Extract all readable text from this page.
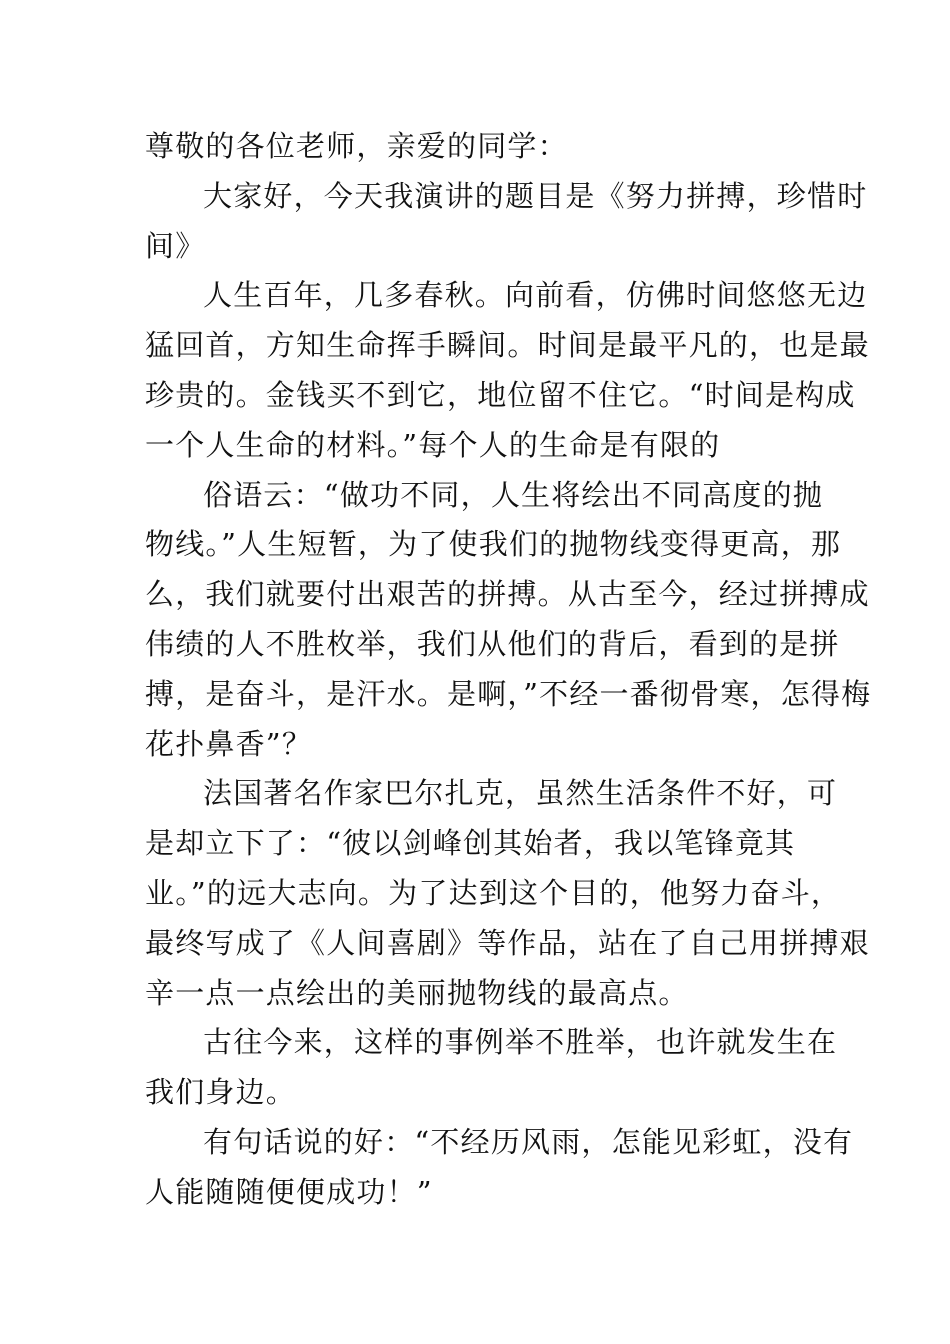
尊敬的各位老师，亲爱的同学：
大家好，今天我演讲的题目是《努力拼搏，珍惜时
间》
人生百年，几多春秋。向前看，仿佛时间悠悠无边
猛回首，方知生命挥手瞬间。时间是最平凡的，也是最
珍贵的。金钱买不到它，地位留不住它。“时间是构成
一个人生命的材料。”每个人的生命是有限的
俗语云：“做功不同，人生将绘出不同高度的抛
物线。”人生短暂，为了使我们的抛物线变得更高，那
么，我们就要付出艰苦的拼搏。从古至今，经过拼搏成
伟绩的人不胜枚举，我们从他们的背后，看到的是拼
搏，是奋斗，是汗水。是啊，”不经一番彻骨寒，怎得梅
花扑鼻香”？
法国著名作家巴尔扎克，虽然生活条件不好，可
是却立下了：“彼以剑峰创其始者，我以笔锋竟其
业。”的远大志向。为了达到这个目的，他努力奋斗，
最终写成了《人间喜剧》等作品，站在了自己用拼搏艰
辛一点一点绘出的美丽抛物线的最高点。
古往今来，这样的事例举不胜举，也许就发生在
我们身边。
有句话说的好：“不经历风雨，怎能见彩虹，没有
人能随随便便成功！”
